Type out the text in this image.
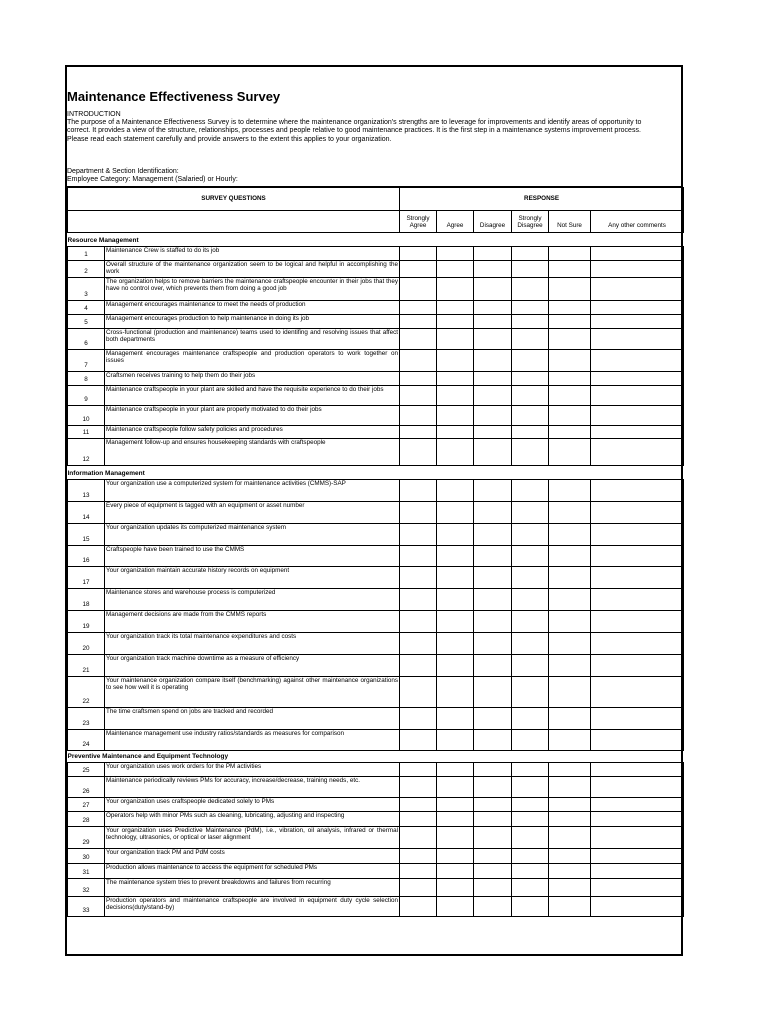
Maintenance Effectiveness Survey
INTRODUCTION
The purpose of a Maintenance Effectiveness Survey is to determine where the maintenance organization's strengths are to leverage for improvements and identify areas of opportunity to correct. It provides a view of the structure, relationships, processes and people relative to good maintenance practices. It is the first step in a maintenance systems improvement process.
Please read each statement carefully and provide answers to the extent this applies to your organization.
Department & Section Identification:
Employee Category: Management (Salaried) or Hourly:
SURVEY QUESTIONS		RESPONSE					
		Strongly Agree	Agree	Disagree	Strongly Disagree	Not Sure	Any other comments
Resource Management							
1	Maintenance Crew is staffed to do its job						
2	Overall structure of the maintenance organization seem to be logical and helpful in accomplishing the work						
3	The organization helps to remove barriers the maintenance craftspeople encounter in their jobs that they have no control over, which prevents them from doing a good job						
4	Management encourages maintenance to meet the needs of production						
5	Management encourages production to help maintenance in doing its job						
6	Cross-functional (production and maintenance) teams used to identifing and resolving issues that affect both departments						
7	Management encourages maintenance craftspeople and production operators to work together on issues						
8	Craftsmen receives training to help them do their jobs						
9	Maintenance craftspeople in your plant are skilled and have the requisite experience to do their jobs						
10	Maintenance craftspeople in your plant are properly motivated to do their jobs						
11	Maintenance craftspeople follow safety policies and procedures						
12	Management follow-up and ensures housekeeping standards with craftspeople						
Information Management							
13	Your organization use a computerized system for maintenance activities (CMMS)-SAP						
14	Every piece of equipment is tagged with an equipment or asset number						
15	Your organization updates its computerized maintenance system						
16	Craftspeople have been trained to use the CMMS						
17	Your organization maintain accurate history records on equipment						
18	Maintenance stores and warehouse process is computerized						
19	Management decisions are made from the CMMS reports						
20	Your organization track its total maintenance expenditures and costs						
21	Your organization track machine downtime as a measure of efficiency						
22	Your maintenance organization compare itself (benchmarking) against other maintenance organizations to see how well it is operating						
23	The time craftsmen spend on jobs are tracked and recorded						
24	Maintenance management use industry ratios/standards as measures for comparison						
Preventive Maintenance and Equipment Technology							
25	Your organization uses work orders for the PM activities						
26	Maintenance periodically reviews PMs for accuracy, increase/decrease, training needs, etc.						
27	Your organization uses craftspeople dedicated solely to PMs						
28	Operators help with minor PMs such as cleaning, lubricating, adjusting and inspecting						
29	Your organization uses Predictive Maintenance (PdM), i.e., vibration, oil analysis, infrared or thermal technology, ultrasonics, or optical or laser alignment						
30	Your organization track PM and PdM costs						
31	Production allows maintenance to access the equipment for scheduled PMs						
32	The maintenance system tries to prevent breakdowns and failures from recurring						
33	Production operators and maintenance craftspeople are involved in equipment duty cycle selection decisions(duty/stand-by)						
